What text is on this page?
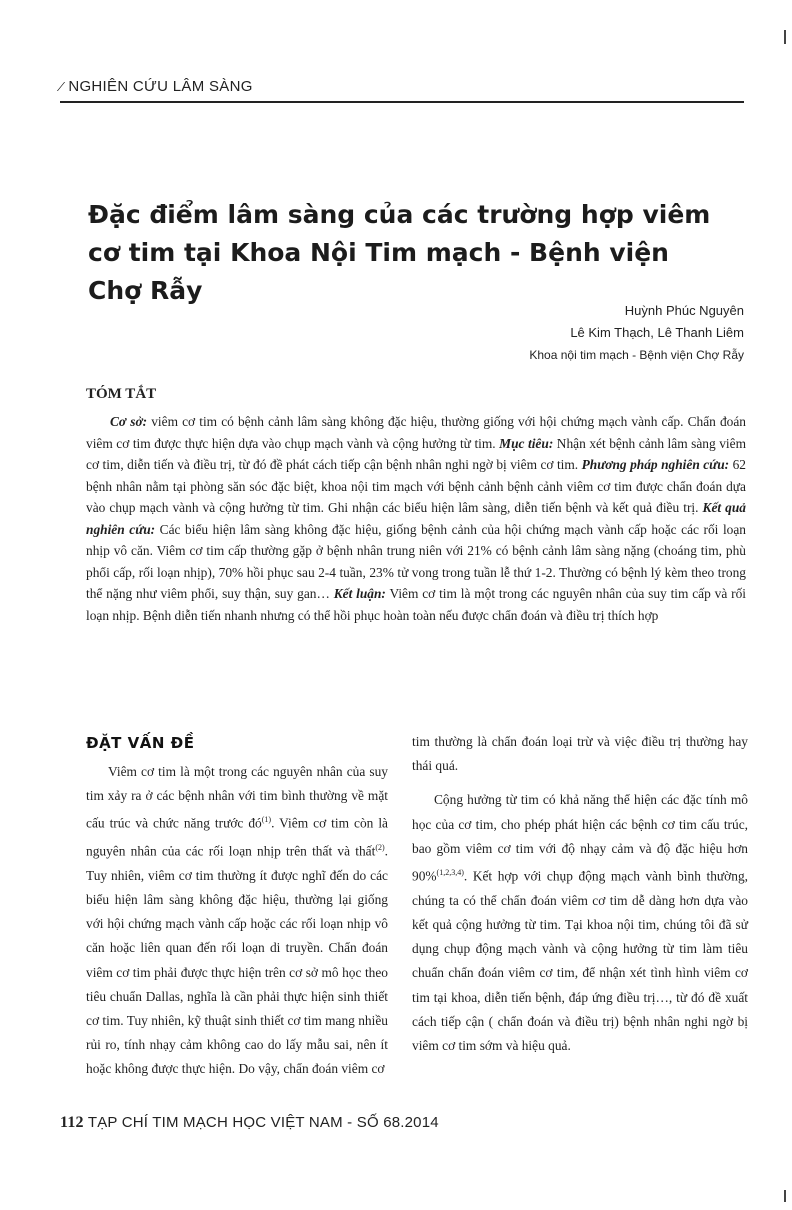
⁄ NGHIÊN CỨU LÂM SÀNG
Đặc điểm lâm sàng của các trường hợp viêm cơ tim tại Khoa Nội Tim mạch - Bệnh viện Chợ Rẫy
Huỳnh Phúc Nguyên
Lê Kim Thạch, Lê Thanh Liêm
Khoa nội tim mạch - Bệnh viện Chợ Rẫy
TÓM TẮT
Cơ sở: viêm cơ tim có bệnh cảnh lâm sàng không đặc hiệu, thường giống với hội chứng mạch vành cấp. Chẩn đoán viêm cơ tim được thực hiện dựa vào chụp mạch vành và cộng hưởng từ tim. Mục tiêu: Nhận xét bệnh cảnh lâm sàng viêm cơ tim, diễn tiến và điều trị, từ đó đề phát cách tiếp cận bệnh nhân nghi ngờ bị viêm cơ tim. Phương pháp nghiên cứu: 62 bệnh nhân nằm tại phòng săn sóc đặc biệt, khoa nội tim mạch với bệnh cảnh bệnh cảnh viêm cơ tim được chẩn đoán dựa vào chụp mạch vành và cộng hưởng từ tim. Ghi nhận các biểu hiện lâm sàng, diễn tiến bệnh và kết quả điều trị. Kết quả nghiên cứu: Các biểu hiện lâm sàng không đặc hiệu, giống bệnh cảnh của hội chứng mạch vành cấp hoặc các rối loạn nhịp vô căn. Viêm cơ tim cấp thường gặp ở bệnh nhân trung niên với 21% có bệnh cảnh lâm sàng nặng (choáng tim, phù phổi cấp, rối loạn nhịp), 70% hồi phục sau 2-4 tuần, 23% tử vong trong tuần lễ thứ 1-2. Thường có bệnh lý kèm theo trong thể nặng như viêm phổi, suy thận, suy gan… Kết luận: Viêm cơ tim là một trong các nguyên nhân của suy tim cấp và rối loạn nhịp. Bệnh diễn tiến nhanh nhưng có thể hồi phục hoàn toàn nếu được chẩn đoán và điều trị thích hợp
ĐẶT VẤN ĐỀ

Viêm cơ tim là một trong các nguyên nhân của suy tim xảy ra ở các bệnh nhân với tim bình thường về mặt cấu trúc và chức năng trước $đó^{(1)}$. Viêm cơ tim còn là nguyên nhân của các rối loạn nhịp trên thất và thất$^{(2)}$. Tuy nhiên, viêm cơ tim thường ít được nghĩ đến do các biểu hiện lâm sàng không đặc hiệu, thường lại giống với hội chứng mạch vành cấp hoặc các rối loạn nhịp vô căn hoặc liên quan đến rối loạn di truyền. Chẩn đoán viêm cơ tim phải được thực hiện trên cơ sở mô học theo tiêu chuẩn Dallas, nghĩa là cần phải thực hiện sinh thiết cơ tim. Tuy nhiên, kỹ thuật sinh thiết cơ tim mang nhiều rủi ro, tính nhạy cảm không cao do lấy mẫu sai, nên ít hoặc không được thực hiện. Do vậy, chẩn đoán viêm cơ

tim thường là chẩn đoán loại trừ và việc điều trị thường hay thái quá.

Cộng hưởng từ tim có khả năng thể hiện các đặc tính mô học của cơ tim, cho phép phát hiện các bệnh cơ tim cấu trúc, bao gồm viêm cơ tim với độ nhạy cảm và độ đặc hiệu hơn 90%$^{(1,2,3,4)}$. Kết hợp với chụp động mạch vành bình thường, chúng ta có thể chẩn đoán viêm cơ tim dễ dàng hơn dựa vào kết quả cộng hưởng từ tim. Tại khoa nội tim, chúng tôi đã sử dụng chụp động mạch vành và cộng hưởng từ tim làm tiêu chuẩn chẩn đoán viêm cơ tim, để nhận xét tình hình viêm cơ tim tại khoa, diễn tiến bệnh, đáp ứng điều trị…, từ đó đề xuất cách tiếp cận ( chẩn đoán và điều trị) bệnh nhân nghi ngờ bị viêm cơ tim sớm và hiệu quả.

112 TẠP CHÍ TIM MẠCH HỌC VIỆT NAM - SỐ 68.2014
